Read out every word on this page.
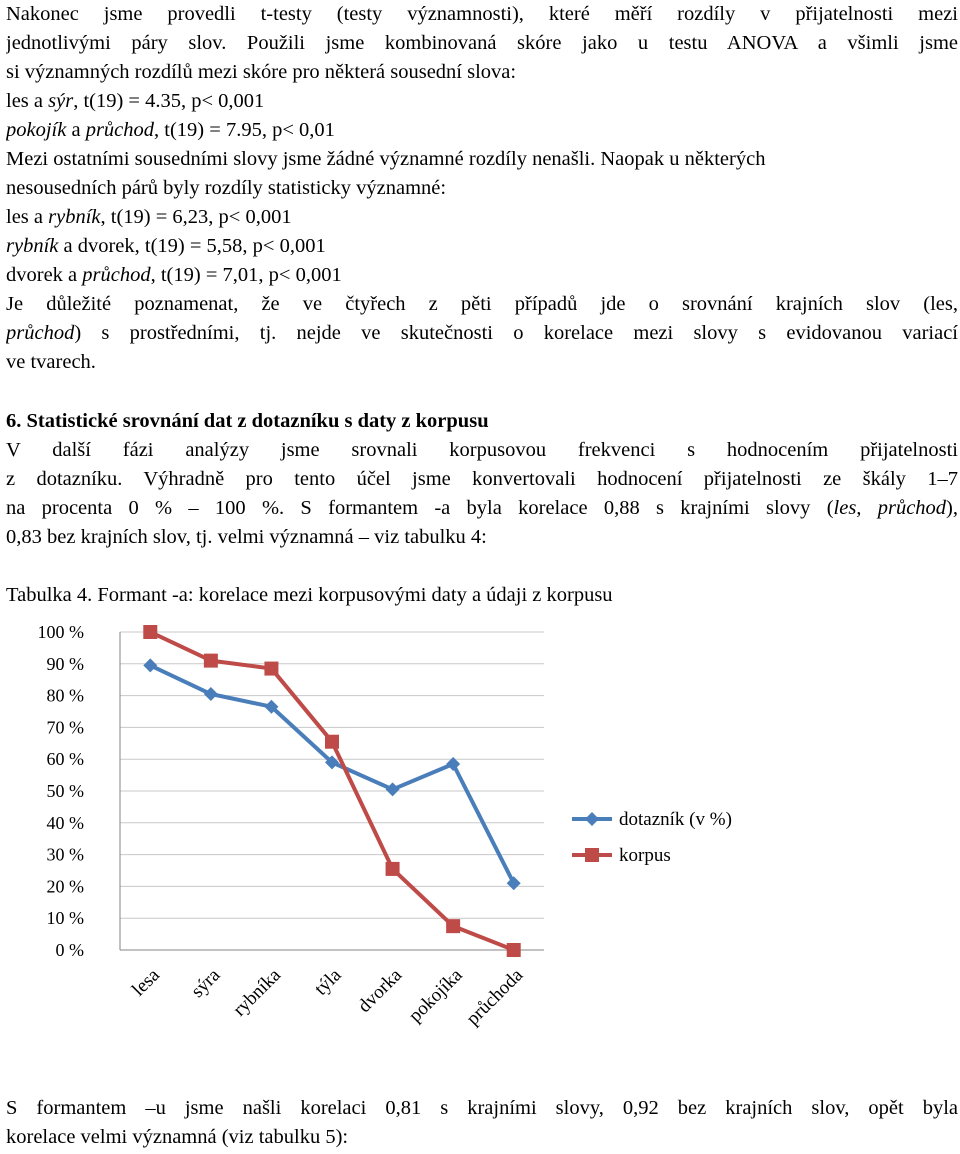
Nakonec jsme provedli t-testy (testy významnosti), které měří rozdíly v přijatelnosti mezi
jednotlivými páry slov. Použili jsme kombinovaná skóre jako u testu ANOVA a všimli jsme
si významných rozdílů mezi skóre pro některá sousední slova:
les a sýr, t(19) = 4.35, p< 0,001
pokojík a průchod, t(19) = 7.95, p< 0,01
Mezi ostatními sousedními slovy jsme žádné významné rozdíly nenašli. Naopak u některých
nesousedních párů byly rozdíly statisticky významné:
les a rybník, t(19) = 6,23, p< 0,001
rybník a dvorek, t(19) = 5,58, p< 0,001
dvorek a průchod, t(19) = 7,01, p< 0,001
Je důležité poznamenat, že ve čtyřech z pěti případů jde o srovnání krajních slov (les,
průchod) s prostředními, tj. nejde ve skutečnosti o korelace mezi slovy s evidovanou variací
ve tvarech.
6. Statistické srovnání dat z dotazníku s daty z korpusu
V další fázi analýzy jsme srovnali korpusovou frekvenci s hodnocením přijatelnosti
z dotazníku. Výhradně pro tento účel jsme konvertovali hodnocení přijatelnosti ze škály 1–7
na procenta 0 % – 100 %. S formantem -a byla korelace 0,88 s krajními slovy (les, průchod),
0,83 bez krajních slov, tj. velmi významná – viz tabulku 4:
Tabulka 4. Formant -a: korelace mezi korpusovými daty a údaji z korpusu
0 %
10 %
20 %
30 %
40 %
50 %
60 %
70 %
80 %
90 %
100 %
lesa sýra rybníka týla dvorka
pokojíka
průchoda
dotazník (v %)
korpus
S formantem –u jsme našli korelaci 0,81 s krajními slovy, 0,92 bez krajních slov, opět byla
korelace velmi významná (viz tabulku 5):
